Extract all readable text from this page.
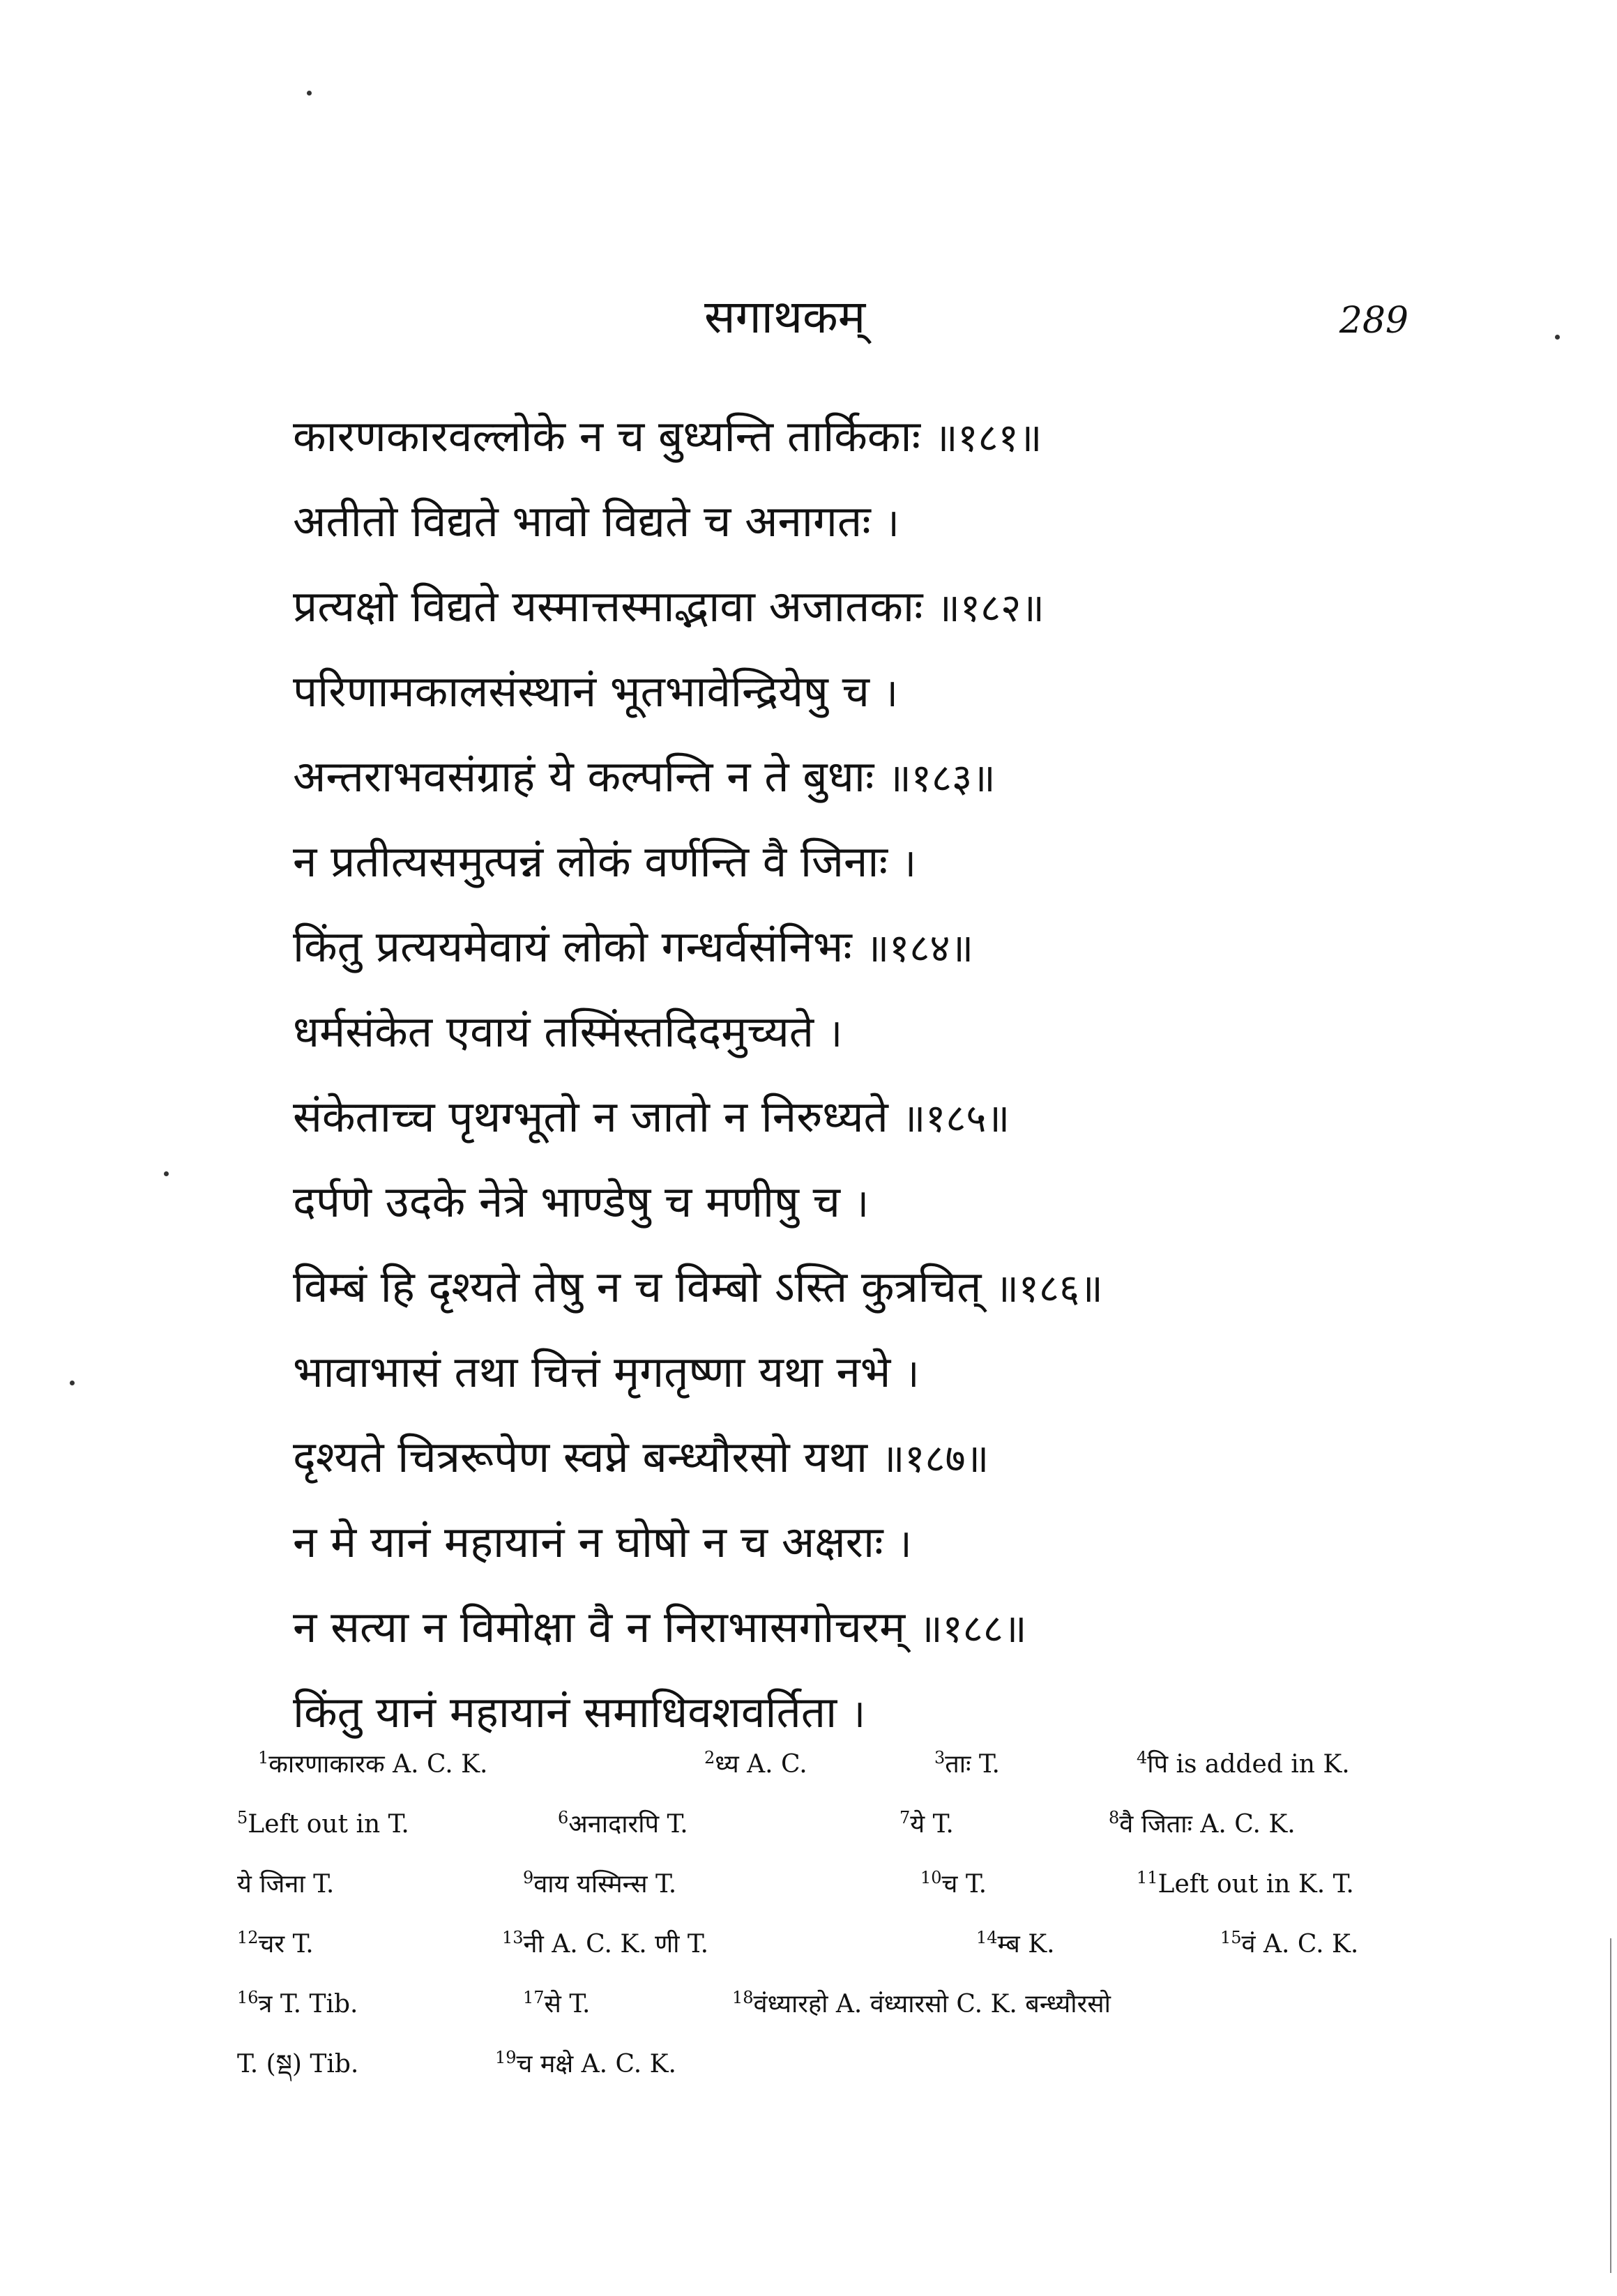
सगाथकम्	289
कारणकारवल्लोके न च बुध्यन्ति तार्किकाः ॥१८१॥
अतीतो विद्यते भावो विद्यते च अनागतः ।
प्रत्यक्षो विद्यते यस्मात्तस्माद्भावा अजातकाः ॥१८२॥
परिणामकालसंस्थानं भूतभावेन्द्रियेषु च ।
अन्तराभवसंग्राहं ये कल्पन्ति न ते बुधाः ॥१८३॥
न प्रतीत्यसमुत्पन्नं लोकं वर्णन्ति वै जिनाः ।
किंतु प्रत्ययमेवायं लोको गन्धर्वसंनिभः ॥१८४॥
धर्मसंकेत एवायं तस्मिंस्तदिदमुच्यते ।
संकेताच्च पृथग्भूतो न जातो न निरुध्यते ॥१८५॥
दर्पणे उदके नेत्रे भाण्डेषु च मणीषु च ।
विम्बं हि दृश्यते तेषु न च विम्बो ऽस्ति कुत्रचित् ॥१८६॥
भावाभासं तथा चित्तं मृगतृष्णा यथा नभे ।
दृश्यते चित्ररूपेण स्वप्ने बन्ध्यौरसो यथा ॥१८७॥
न मे यानं महायानं न घोषो न च अक्षराः ।
न सत्या न विमोक्षा वै न निराभासगोचरम् ॥१८८॥
किंतु यानं महायानं समाधिवशवर्तिता ।
$^1$कारणाकारक A. C. K.	$^2$ध्य A. C.	$^3$ताः T.	$^4$पि is added in K.
$^5$Left out in T.	$^6$अनादारपि T.	$^7$ये T.	$^8$वै जिताः A. C. K.
ये जिना T.	$^9$वाय यस्मिन्स T.	$^{10}$च T.	$^{11}$Left out in K. T.
$^{12}$चर T.	$^{13}$नी A. C. K. णी T.	$^{14}$म्ब K.	$^{15}$वं A. C. K.
$^{16}$त्र T. Tib.	$^{17}$से T.	$^{18}$वंध्यारहो A. वंध्यारसो C. K. बन्ध्यौरसो
T. (སྡ) Tib.	$^{19}$च मक्षे A. C. K.
